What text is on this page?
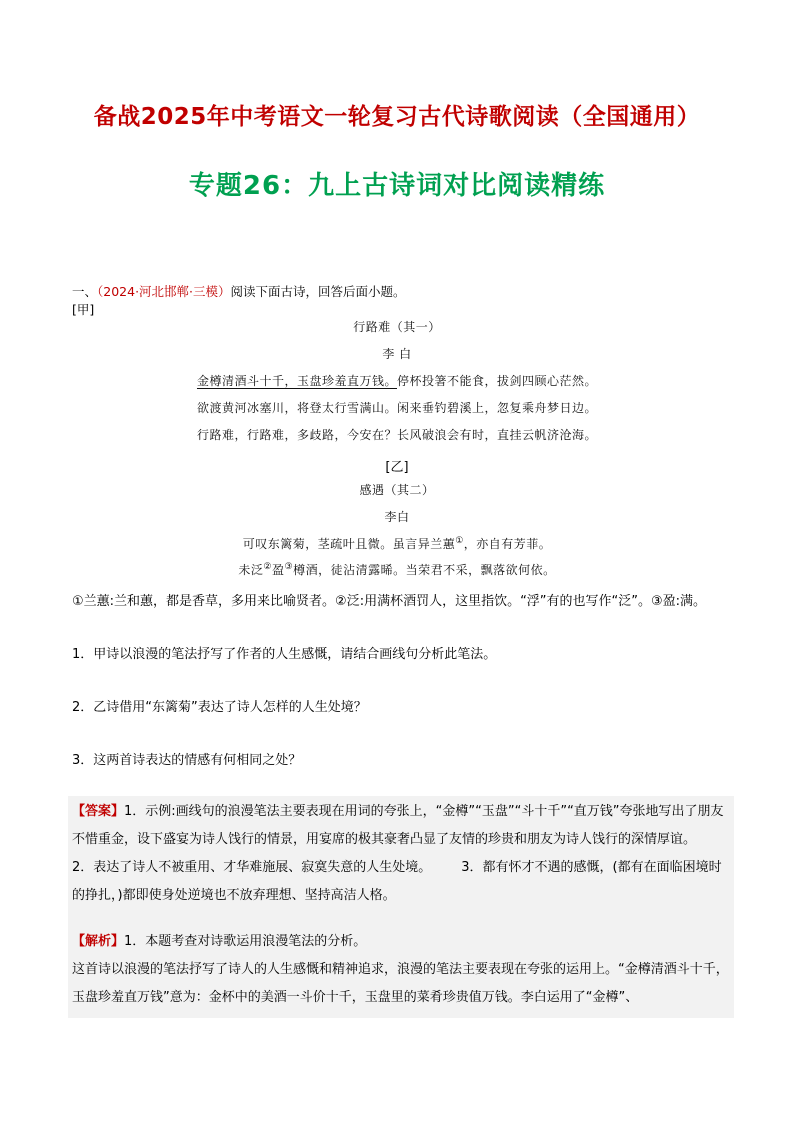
备战2025年中考语文一轮复习古代诗歌阅读（全国通用）
专题26：九上古诗词对比阅读精练
一、（2024·河北邯郸·三模）阅读下面古诗，回答后面小题。
[甲]
行路难（其一）
李 白
金樽清酒斗十千，玉盘珍羞直万钱。停杯投箸不能食，拔剑四顾心茫然。
欲渡黄河冰塞川，将登太行雪满山。闲来垂钓碧溪上，忽复乘舟梦日边。
行路难，行路难，多歧路，今安在？长风破浪会有时，直挂云帆济沧海。
[乙]
感遇（其二）
李白
可叹东篱菊，茎疏叶且微。虽言异兰蕙①，亦自有芳菲。
未泛②盈③樽酒，徒沾清露晞。当荣君不采，飘落欲何依。
①兰蕙:兰和蕙，都是香草，多用来比喻贤者。②泛:用满杯酒罚人，这里指饮。“浮”有的也写作“泛”。③盈:满。
1．甲诗以浪漫的笔法抒写了作者的人生感慨，请结合画线句分析此笔法。
2．乙诗借用“东篱菊”表达了诗人怎样的人生处境？
3．这两首诗表达的情感有何相同之处？
【答案】1．示例:画线句的浪漫笔法主要表现在用词的夸张上，“金樽”“玉盘”“斗十千”“直万钱”夸张地写出了朋友不惜重金，设下盛宴为诗人饯行的情景，用宴席的极其豪奢凸显了友情的珍贵和朋友为诗人饯行的深情厚谊。2．表达了诗人不被重用、才华难施展、寂寞失意的人生处境。 3．都有怀才不遇的感慨，(都有在面临困境时的挣扎，)都即使身处逆境也不放弃理想、坚持高洁人格。
【解析】1．本题考查对诗歌运用浪漫笔法的分析。
这首诗以浪漫的笔法抒写了诗人的人生感慨和精神追求，浪漫的笔法主要表现在夸张的运用上。“金樽清酒斗十千，玉盘珍羞直万钱”意为：金杯中的美酒一斗价十千，玉盘里的菜肴珍贵值万钱。李白运用了“金樽”、
